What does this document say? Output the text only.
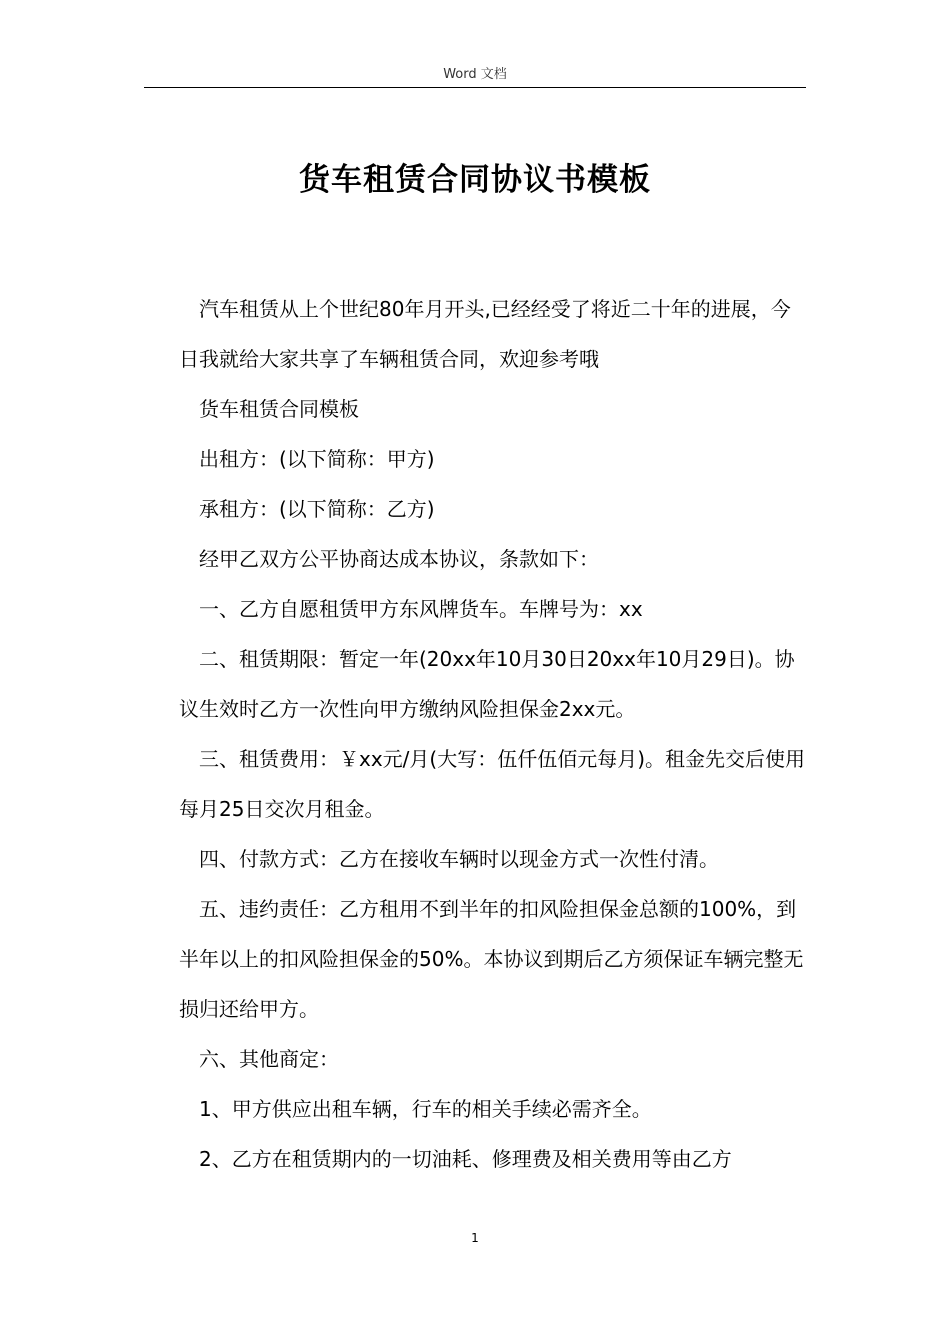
Word 文档
货车租赁合同协议书模板

汽车租赁从上个世纪80年月开头,已经经受了将近二十年的进展，今日我就给大家共享了车辆租赁合同，欢迎参考哦

货车租赁合同模板

出租方：(以下简称：甲方)

承租方：(以下简称：乙方)

经甲乙双方公平协商达成本协议，条款如下：

一、乙方自愿租赁甲方东风牌货车。车牌号为：xx

二、租赁期限：暂定一年(20xx年10月30日20xx年10月29日)。协议生效时乙方一次性向甲方缴纳风险担保金2xx元。

三、租赁费用：￥xx元/月(大写：伍仟伍佰元每月)。租金先交后使用每月25日交次月租金。

四、付款方式：乙方在接收车辆时以现金方式一次性付清。

五、违约责任：乙方租用不到半年的扣风险担保金总额的100%，到半年以上的扣风险担保金的50%。本协议到期后乙方须保证车辆完整无损归还给甲方。

六、其他商定：

1、甲方供应出租车辆，行车的相关手续必需齐全。

2、乙方在租赁期内的一切油耗、修理费及相关费用等由乙方

1
